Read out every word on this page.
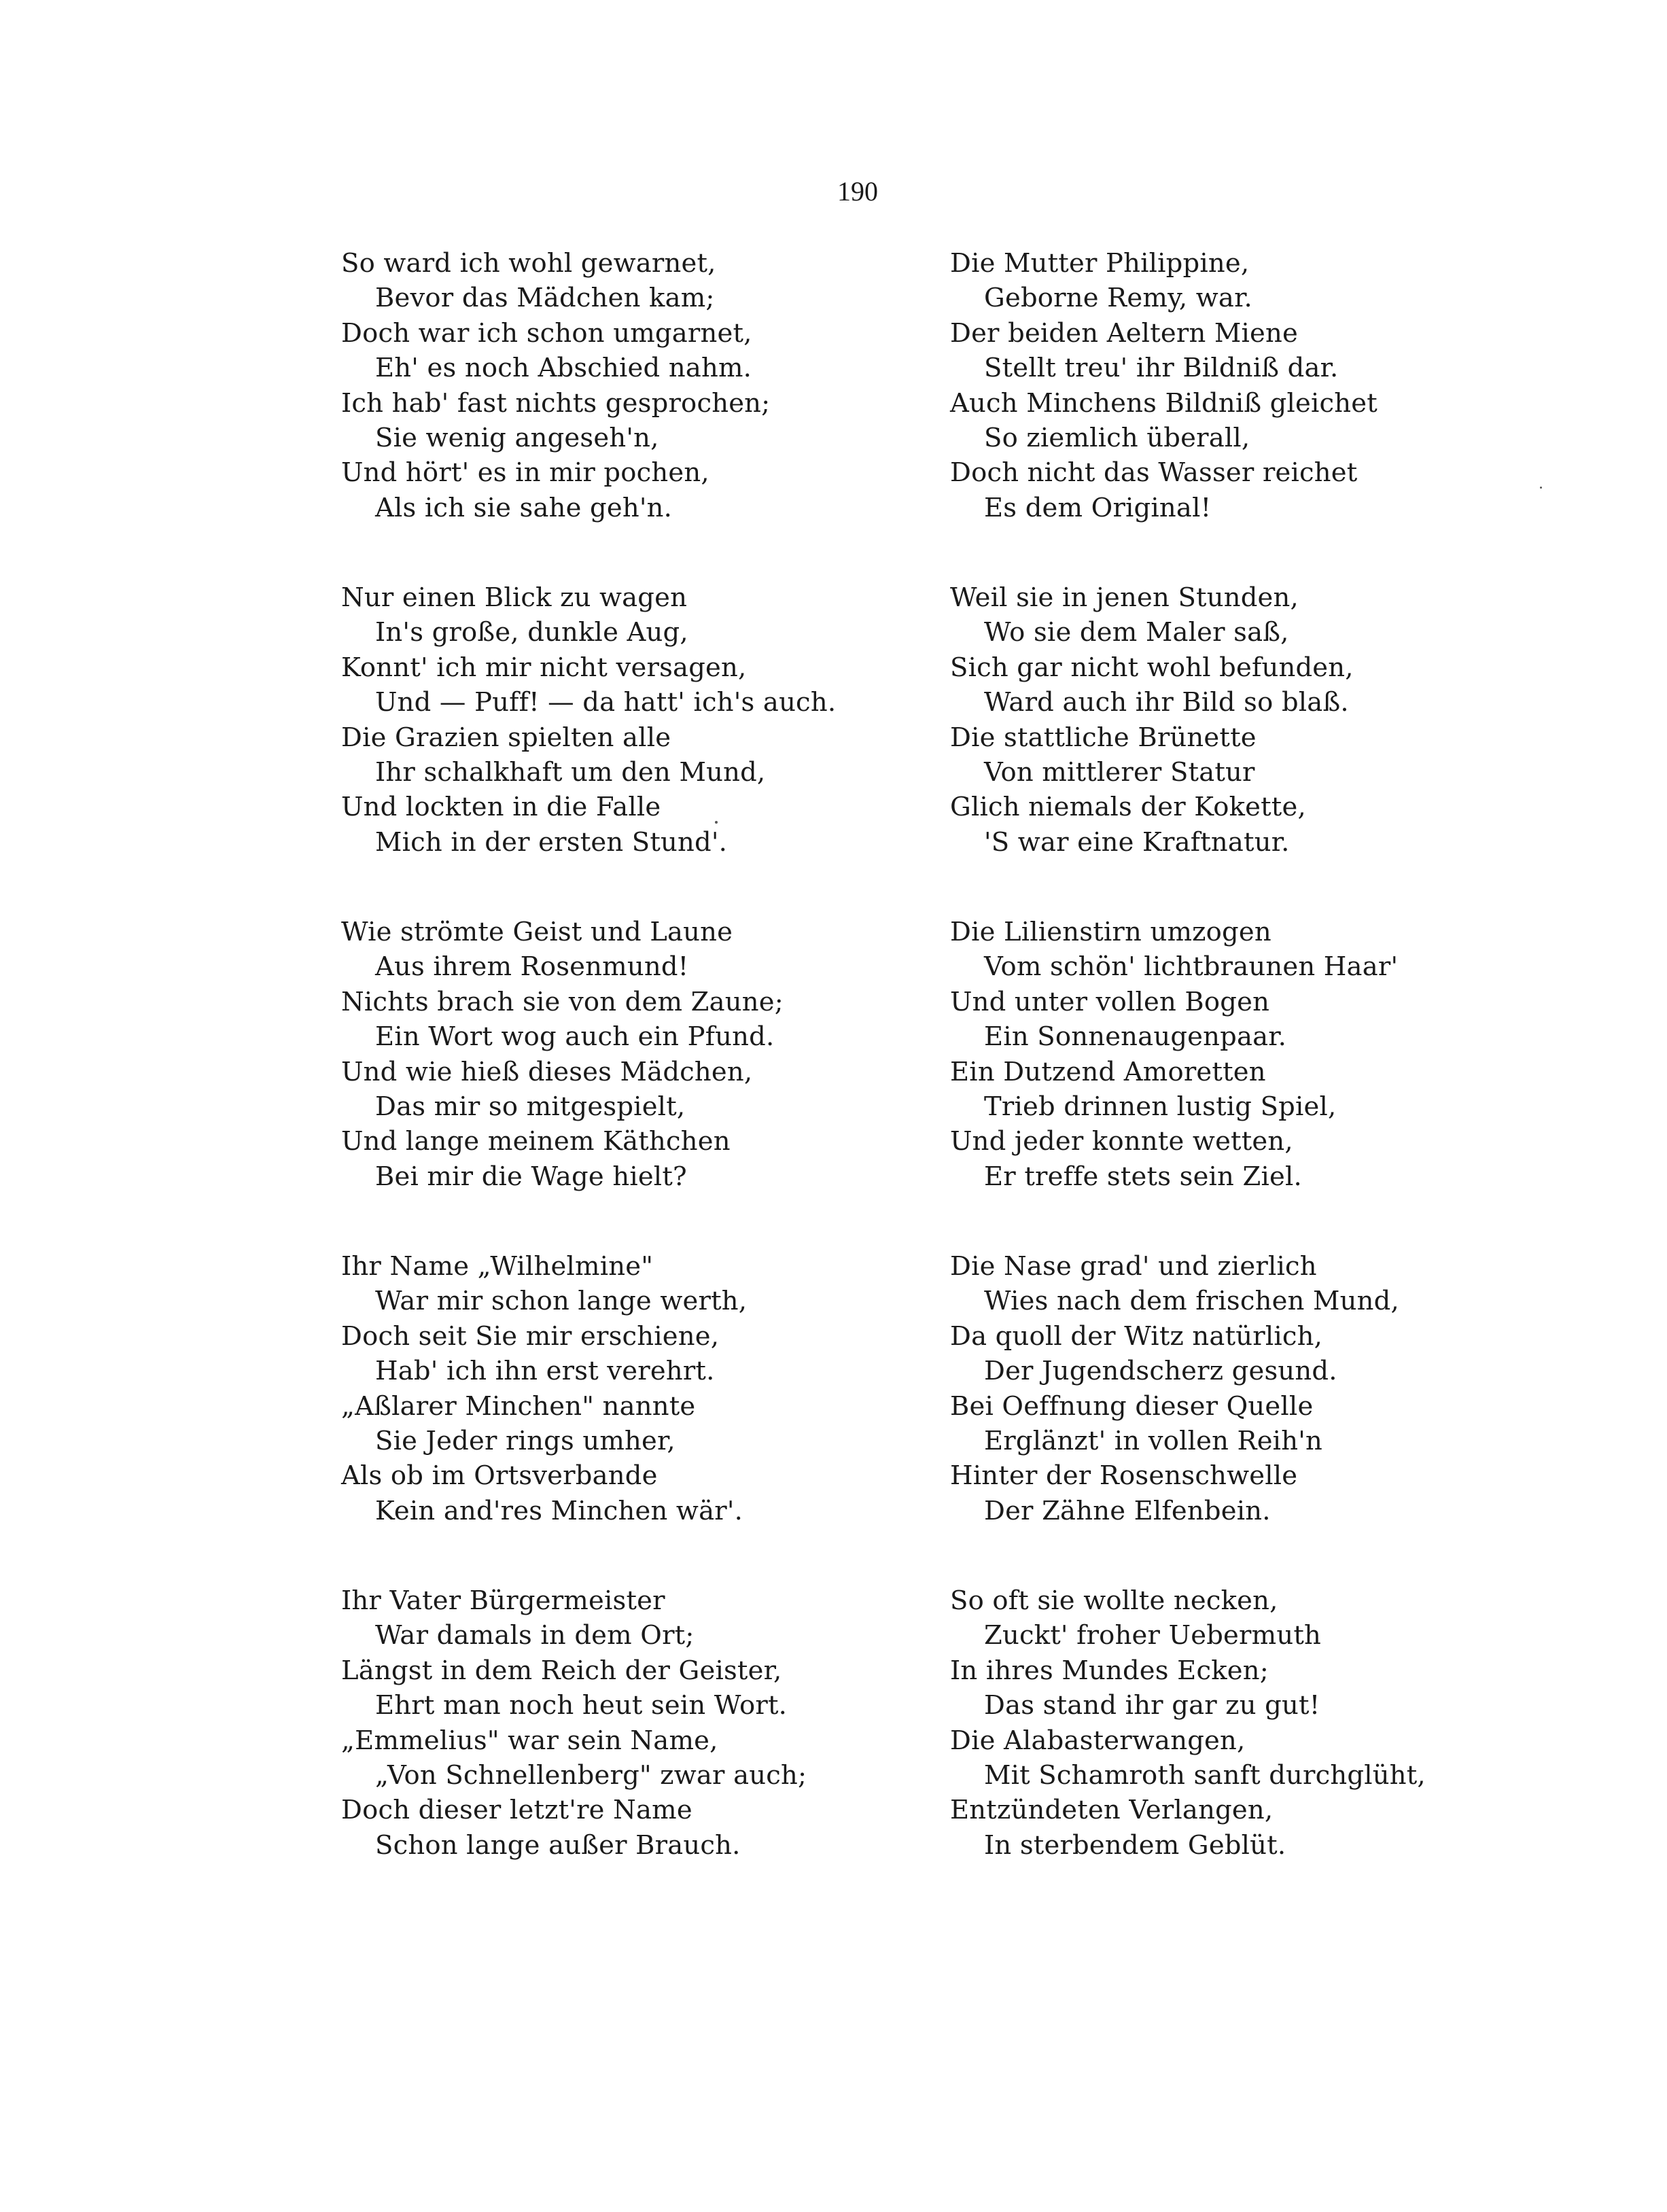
190
So ward ich wohl gewarnet,
Bevor das Mädchen kam;
Doch war ich schon umgarnet,
Eh' es noch Abschied nahm.
Ich hab' fast nichts gesprochen;
Sie wenig angeseh'n,
Und hört' es in mir pochen,
Als ich sie sahe geh'n.
Nur einen Blick zu wagen
In's große, dunkle Aug,
Konnt' ich mir nicht versagen,
Und — Puff! — da hatt' ich's auch.
Die Grazien spielten alle
Ihr schalkhaft um den Mund,
Und lockten in die Falle
Mich in der ersten Stund'.
Wie strömte Geist und Laune
Aus ihrem Rosenmund!
Nichts brach sie von dem Zaune;
Ein Wort wog auch ein Pfund.
Und wie hieß dieses Mädchen,
Das mir so mitgespielt,
Und lange meinem Käthchen
Bei mir die Wage hielt?
Ihr Name „Wilhelmine"
War mir schon lange werth,
Doch seit Sie mir erschiene,
Hab' ich ihn erst verehrt.
„Aßlarer Minchen" nannte
Sie Jeder rings umher,
Als ob im Ortsverbande
Kein and'res Minchen wär'.
Ihr Vater Bürgermeister
War damals in dem Ort;
Längst in dem Reich der Geister,
Ehrt man noch heut sein Wort.
„Emmelius" war sein Name,
„Von Schnellenberg" zwar auch;
Doch dieser letzt're Name
Schon lange außer Brauch.
Die Mutter Philippine,
Geborne Remy, war.
Der beiden Aeltern Miene
Stellt treu' ihr Bildniß dar.
Auch Minchens Bildniß gleichet
So ziemlich überall,
Doch nicht das Wasser reichet
Es dem Original!
Weil sie in jenen Stunden,
Wo sie dem Maler saß,
Sich gar nicht wohl befunden,
Ward auch ihr Bild so blaß.
Die stattliche Brünette
Von mittlerer Statur
Glich niemals der Kokette,
'S war eine Kraftnatur.
Die Lilienstirn umzogen
Vom schön' lichtbraunen Haar'
Und unter vollen Bogen
Ein Sonnenaugenpaar.
Ein Dutzend Amoretten
Trieb drinnen lustig Spiel,
Und jeder konnte wetten,
Er treffe stets sein Ziel.
Die Nase grad' und zierlich
Wies nach dem frischen Mund,
Da quoll der Witz natürlich,
Der Jugendscherz gesund.
Bei Oeffnung dieser Quelle
Erglänzt' in vollen Reih'n
Hinter der Rosenschwelle
Der Zähne Elfenbein.
So oft sie wollte necken,
Zuckt' froher Uebermuth
In ihres Mundes Ecken;
Das stand ihr gar zu gut!
Die Alabasterwangen,
Mit Schamroth sanft durchglüht,
Entzündeten Verlangen,
In sterbendem Geblüt.
